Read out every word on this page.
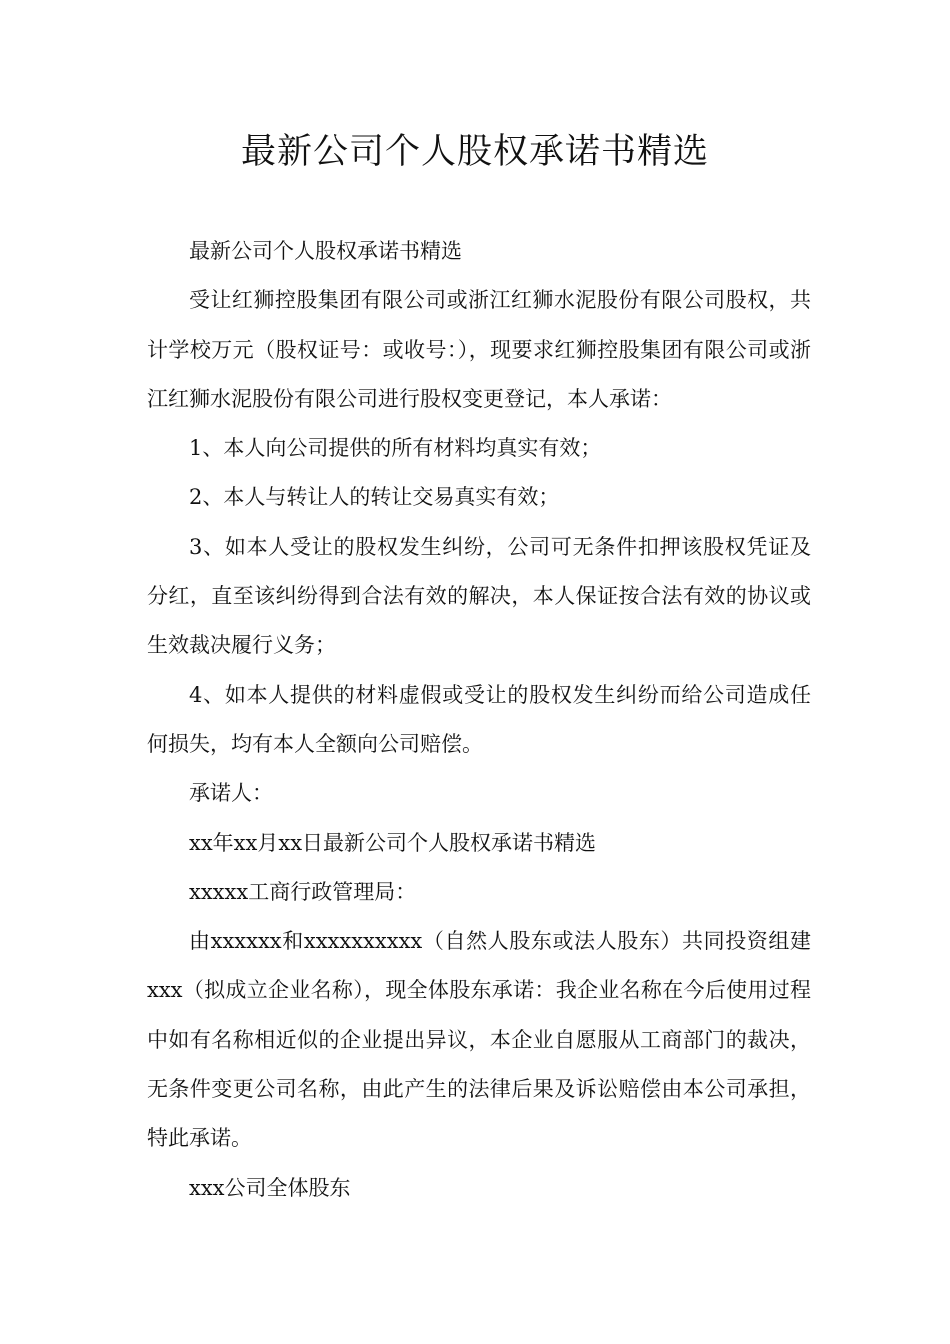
最新公司个人股权承诺书精选

最新公司个人股权承诺书精选

受让红狮控股集团有限公司或浙江红狮水泥股份有限公司股权，共计学校万元（股权证号：或收号：），现要求红狮控股集团有限公司或浙江红狮水泥股份有限公司进行股权变更登记，本人承诺：

1、本人向公司提供的所有材料均真实有效；

2、本人与转让人的转让交易真实有效；

3、如本人受让的股权发生纠纷，公司可无条件扣押该股权凭证及分红，直至该纠纷得到合法有效的解决，本人保证按合法有效的协议或生效裁决履行义务；

4、如本人提供的材料虚假或受让的股权发生纠纷而给公司造成任何损失，均有本人全额向公司赔偿。

承诺人：

xx年xx月xx日最新公司个人股权承诺书精选

xxxxx工商行政管理局：

由xxxxxx和xxxxxxxxxx（自然人股东或法人股东）共同投资组建xxx（拟成立企业名称），现全体股东承诺：我企业名称在今后使用过程中如有名称相近似的企业提出异议，本企业自愿服从工商部门的裁决，无条件变更公司名称，由此产生的法律后果及诉讼赔偿由本公司承担，特此承诺。

xxx公司全体股东
